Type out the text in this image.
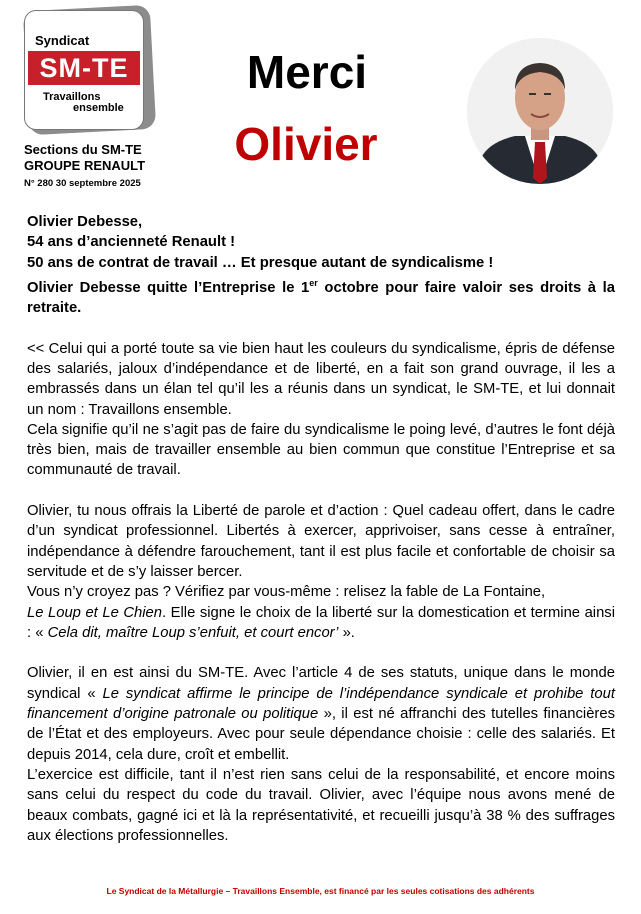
Syndicat
SM-TE
Travaillons
ensemble
Sections du SM-TE
GROUPE RENAULT
N° 280 30 septembre 2025
Merci
Olivier

Olivier Debesse,

54 ans d’ancienneté Renault !

50 ans de contrat de travail … Et presque autant de syndicalisme !

Olivier Debesse quitte l’Entreprise le 1er octobre pour faire valoir ses droits à la retraite.

<< Celui qui a porté toute sa vie bien haut les couleurs du syndicalisme, épris de défense des salariés, jaloux d’indépendance et de liberté, en a fait son grand ouvrage, il les a embrassés dans un élan tel qu’il les a réunis dans un syndicat, le SM-TE, et lui donnait un nom : Travaillons ensemble.

Cela signifie qu’il ne s’agit pas de faire du syndicalisme le poing levé, d’autres le font déjà très bien, mais de travailler ensemble au bien commun que constitue l’Entreprise et sa communauté de travail.

Olivier, tu nous offrais la Liberté de parole et d’action : Quel cadeau offert, dans le cadre d’un syndicat professionnel. Libertés à exercer, apprivoiser, sans cesse à entraîner, indépendance à défendre farouchement, tant il est plus facile et confortable de choisir sa servitude et de s’y laisser bercer.

Vous n’y croyez pas ? Vérifiez par vous-même : relisez la fable de La Fontaine,

Le Loup et Le Chien. Elle signe le choix de la liberté sur la domestication et termine ainsi : « Cela dit, maître Loup s’enfuit, et court encor’ ».

Olivier, il en est ainsi du SM-TE. Avec l’article 4 de ses statuts, unique dans le monde syndical « Le syndicat affirme le principe de l’indépendance syndicale et prohibe tout financement d’origine patronale ou politique », il est né affranchi des tutelles financières de l’État et des employeurs. Avec pour seule dépendance choisie : celle des salariés. Et depuis 2014, cela dure, croît et embellit.

L’exercice est difficile, tant il n’est rien sans celui de la responsabilité, et encore moins sans celui du respect du code du travail. Olivier, avec l’équipe nous avons mené de beaux combats, gagné ici et là la représentativité, et recueilli jusqu’à 38 % des suffrages aux élections professionnelles.

Le Syndicat de la Métallurgie – Travaillons Ensemble, est financé par les seules cotisations des adhérents
